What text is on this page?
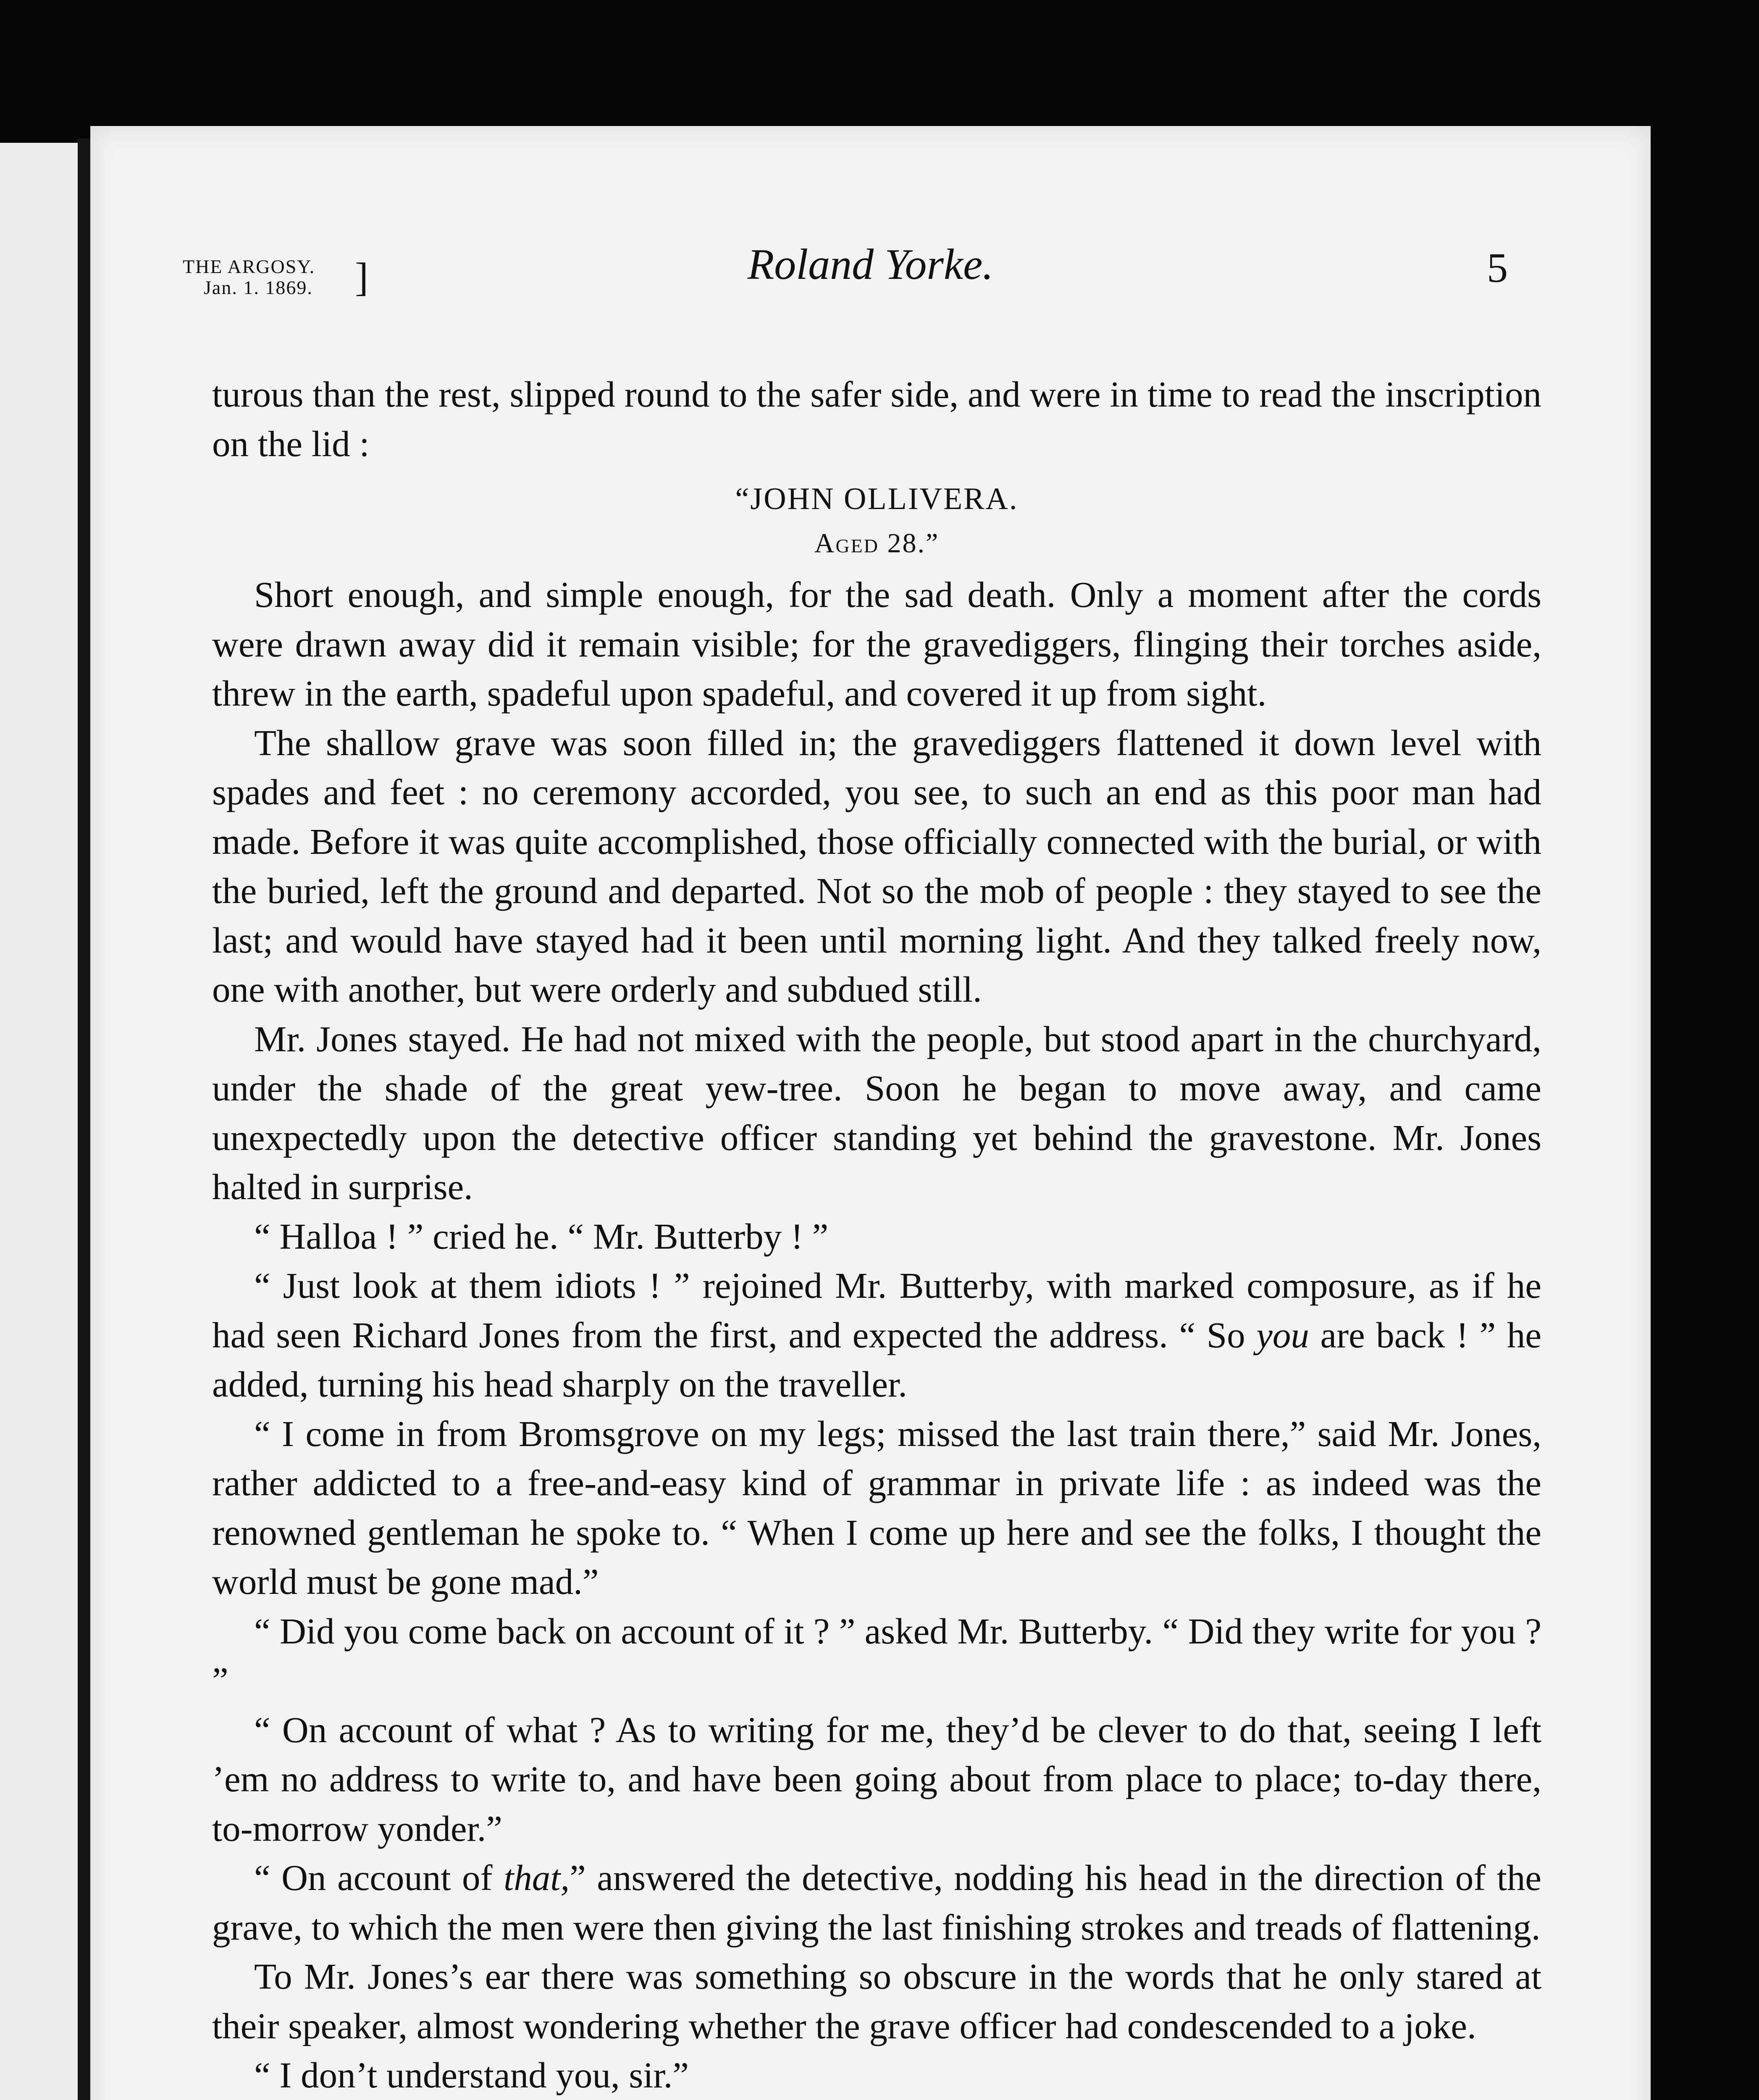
THE ARGOSY.
Jan. 1. 1869. ]	Roland Yorke.	5

turous than the rest, slipped round to the safer side, and were in time to read the inscription on the lid :

“JOHN OLLIVERA.
Aged 28.”

Short enough, and simple enough, for the sad death. Only a moment after the cords were drawn away did it remain visible; for the gravediggers, flinging their torches aside, threw in the earth, spadeful upon spadeful, and covered it up from sight.

The shallow grave was soon filled in; the gravediggers flattened it down level with spades and feet : no ceremony accorded, you see, to such an end as this poor man had made. Before it was quite accomplished, those officially connected with the burial, or with the buried, left the ground and departed. Not so the mob of people : they stayed to see the last; and would have stayed had it been until morning light. And they talked freely now, one with another, but were orderly and subdued still.

Mr. Jones stayed. He had not mixed with the people, but stood apart in the churchyard, under the shade of the great yew-tree. Soon he began to move away, and came unexpectedly upon the detective officer standing yet behind the gravestone. Mr. Jones halted in surprise.

“ Halloa ! ” cried he. “ Mr. Butterby ! ”

“ Just look at them idiots ! ” rejoined Mr. Butterby, with marked composure, as if he had seen Richard Jones from the first, and expected the address. “ So you are back ! ” he added, turning his head sharply on the traveller.

“ I come in from Bromsgrove on my legs; missed the last train there,” said Mr. Jones, rather addicted to a free-and-easy kind of grammar in private life : as indeed was the renowned gentleman he spoke to. “ When I come up here and see the folks, I thought the world must be gone mad.”

“ Did you come back on account of it ? ” asked Mr. Butterby. “ Did they write for you ? ”

“ On account of what ? As to writing for me, they’d be clever to do that, seeing I left ’em no address to write to, and have been going about from place to place; to-day there, to-morrow yonder.”

“ On account of that,” answered the detective, nodding his head in the direction of the grave, to which the men were then giving the last finishing strokes and treads of flattening.

To Mr. Jones’s ear there was something so obscure in the words that he only stared at their speaker, almost wondering whether the grave officer had condescended to a joke.

“ I don’t understand you, sir.”
